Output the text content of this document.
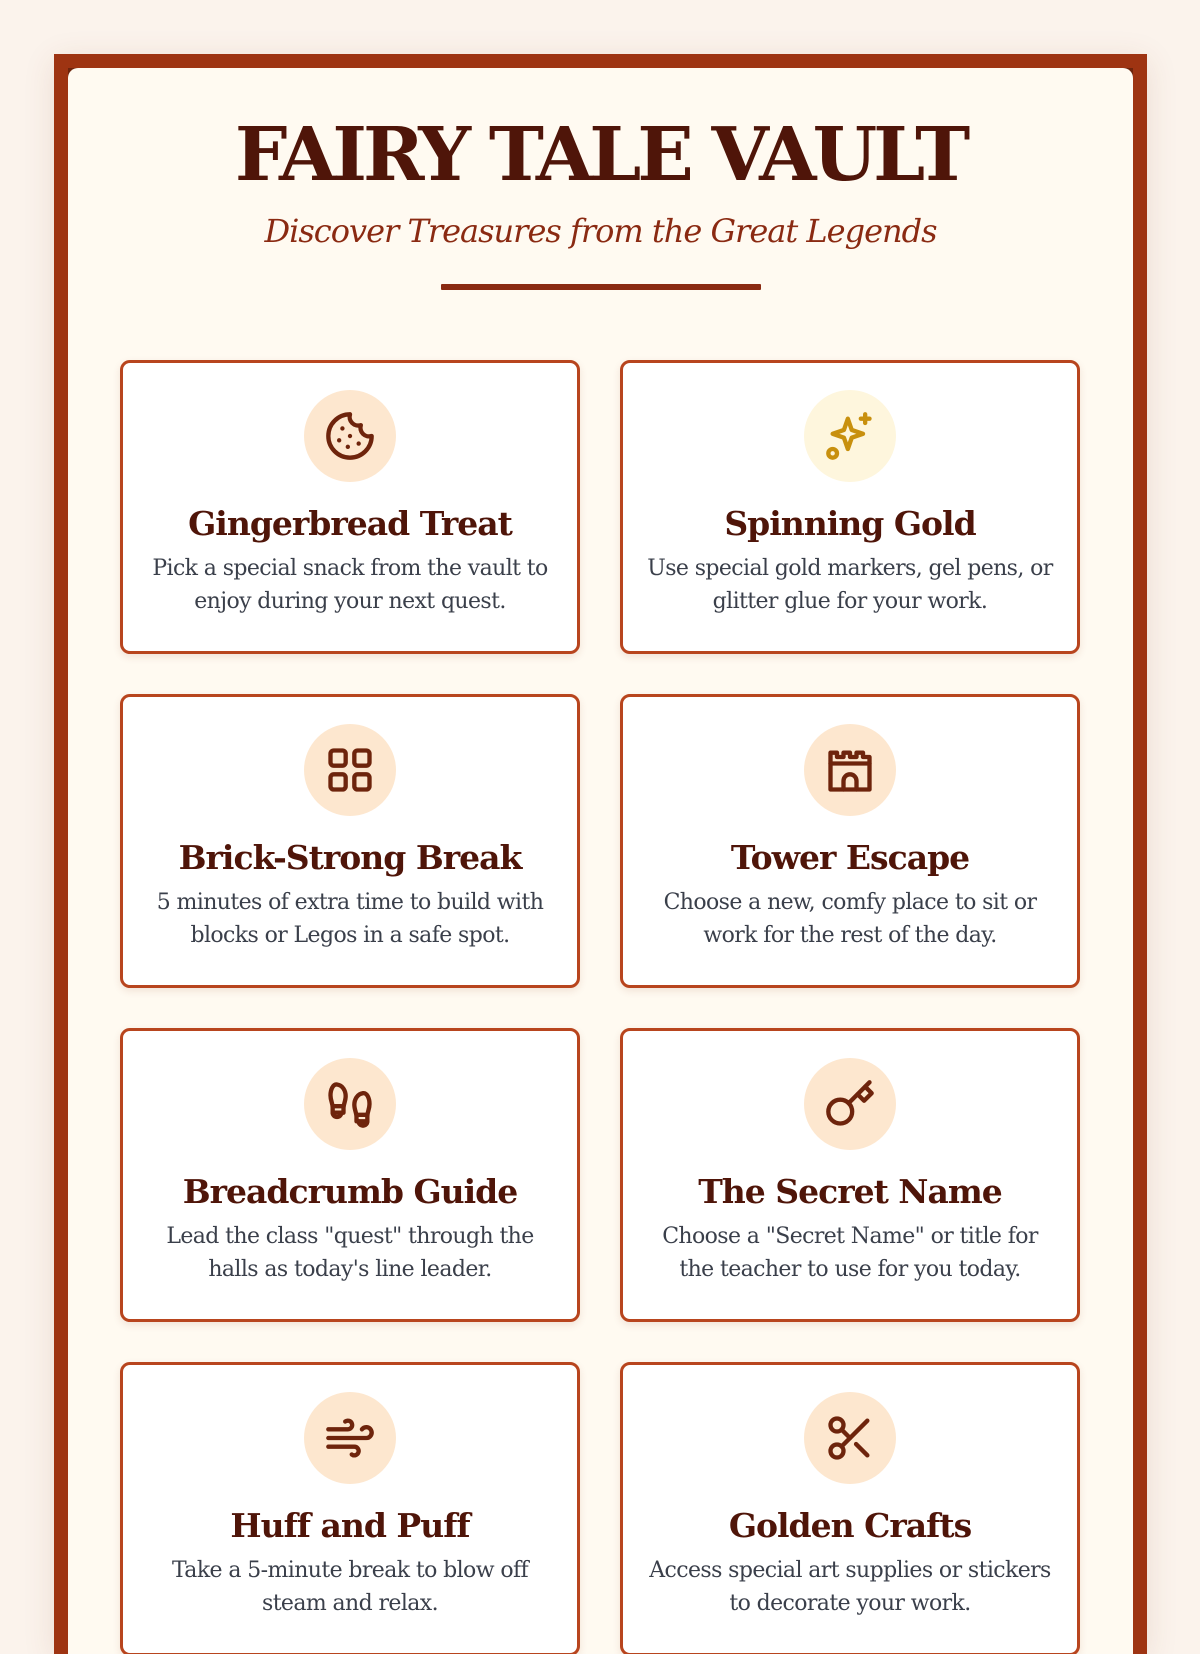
FAIRY TALE VAULT
Discover Treasures from the Great Legends
Gingerbread Treat
Pick a special snack from the vault to enjoy during your next quest.
Spinning Gold
Use special gold markers, gel pens, or glitter glue for your work.
Brick-Strong Break
5 minutes of extra time to build with blocks or Legos in a safe spot.
Tower Escape
Choose a new, comfy place to sit or work for the rest of the day.
Breadcrumb Guide
Lead the class "quest" through the halls as today's line leader.
The Secret Name
Choose a "Secret Name" or title for the teacher to use for you today.
Huff and Puff
Take a 5-minute break to blow off steam and relax.
Golden Crafts
Access special art supplies or stickers to decorate your work.
